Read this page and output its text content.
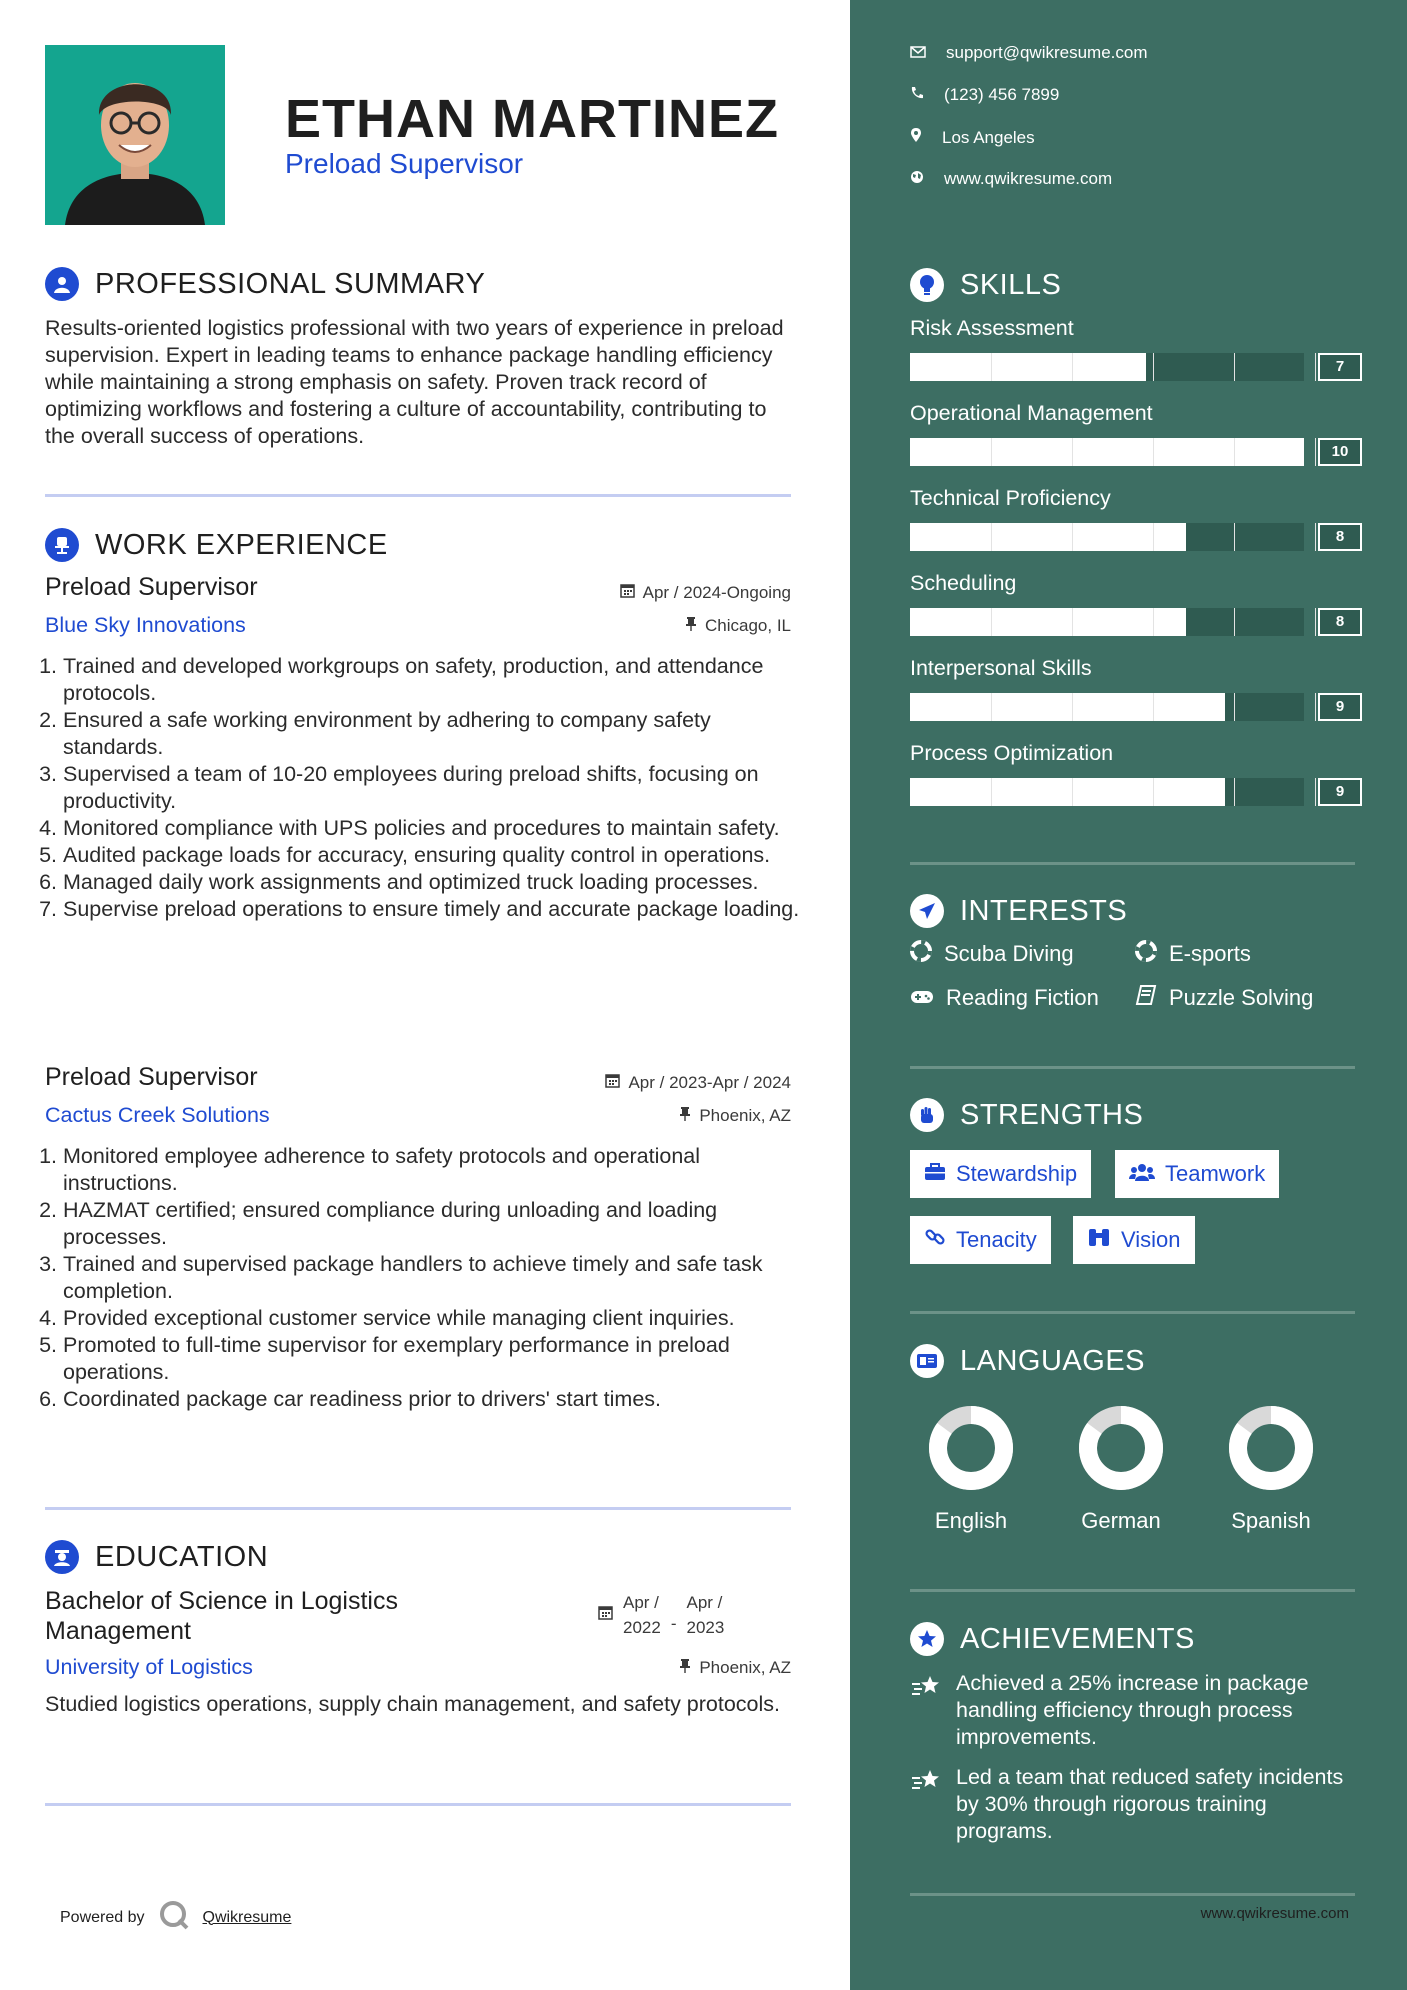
ETHAN MARTINEZ
Preload Supervisor
PROFESSIONAL SUMMARY
Results-oriented logistics professional with two years of experience in preload supervision. Expert in leading teams to enhance package handling efficiency while maintaining a strong emphasis on safety. Proven track record of optimizing workflows and fostering a culture of accountability, contributing to the overall success of operations.
WORK EXPERIENCE
Preload Supervisor	Apr / 2024-Ongoing
Blue Sky Innovations	Chicago, IL
1. Trained and developed workgroups on safety, production, and attendance protocols.
2. Ensured a safe working environment by adhering to company safety standards.
3. Supervised a team of 10-20 employees during preload shifts, focusing on productivity.
4. Monitored compliance with UPS policies and procedures to maintain safety.
5. Audited package loads for accuracy, ensuring quality control in operations.
6. Managed daily work assignments and optimized truck loading processes.
7. Supervise preload operations to ensure timely and accurate package loading.
Preload Supervisor	Apr / 2023-Apr / 2024
Cactus Creek Solutions	Phoenix, AZ
1. Monitored employee adherence to safety protocols and operational instructions.
2. HAZMAT certified; ensured compliance during unloading and loading processes.
3. Trained and supervised package handlers to achieve timely and safe task completion.
4. Provided exceptional customer service while managing client inquiries.
5. Promoted to full-time supervisor for exemplary performance in preload operations.
6. Coordinated package car readiness prior to drivers' start times.
EDUCATION
Bachelor of Science in Logistics
Management
Apr /
2022 -
Apr /
2023
University of Logistics	Phoenix, AZ
Studied logistics operations, supply chain management, and safety protocols.
Powered by	Qwikresume
support@qwikresume.com
(123) 456 7899
Los Angeles
www.qwikresume.com
SKILLS
Risk Assessment
7
Operational Management
10
Technical Proficiency
8
Scheduling
8
Interpersonal Skills
9
Process Optimization
9
INTERESTS
Scuba Diving	E-sports
Reading Fiction	Puzzle Solving
STRENGTHS
Stewardship	Teamwork
Tenacity	Vision
LANGUAGES
English	German	Spanish
ACHIEVEMENTS
Achieved a 25% increase in package handling efficiency through process improvements.
Led a team that reduced safety incidents by 30% through rigorous training programs.
www.qwikresume.com
